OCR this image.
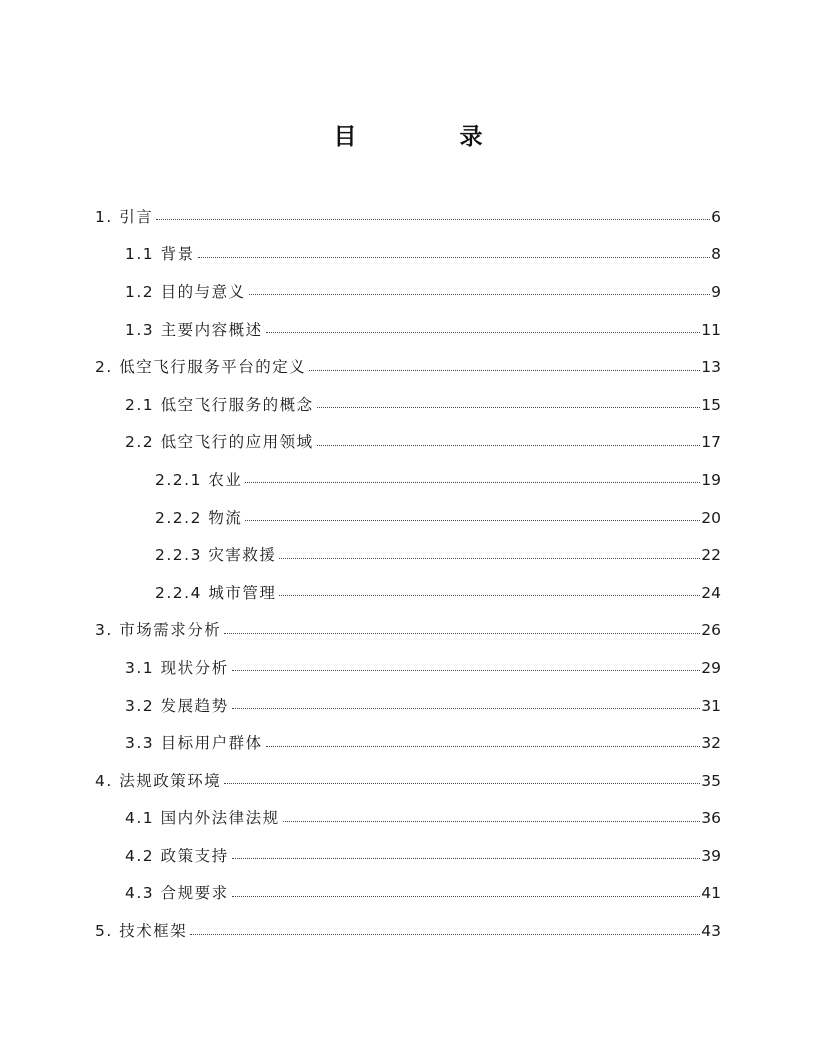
目　录
1. 引言	6
1.1 背景	8
1.2 目的与意义	9
1.3 主要内容概述	11
2. 低空飞行服务平台的定义	13
2.1 低空飞行服务的概念	15
2.2 低空飞行的应用领域	17
2.2.1 农业	19
2.2.2 物流	20
2.2.3 灾害救援	22
2.2.4 城市管理	24
3. 市场需求分析	26
3.1 现状分析	29
3.2 发展趋势	31
3.3 目标用户群体	32
4. 法规政策环境	35
4.1 国内外法律法规	36
4.2 政策支持	39
4.3 合规要求	41
5. 技术框架	43
